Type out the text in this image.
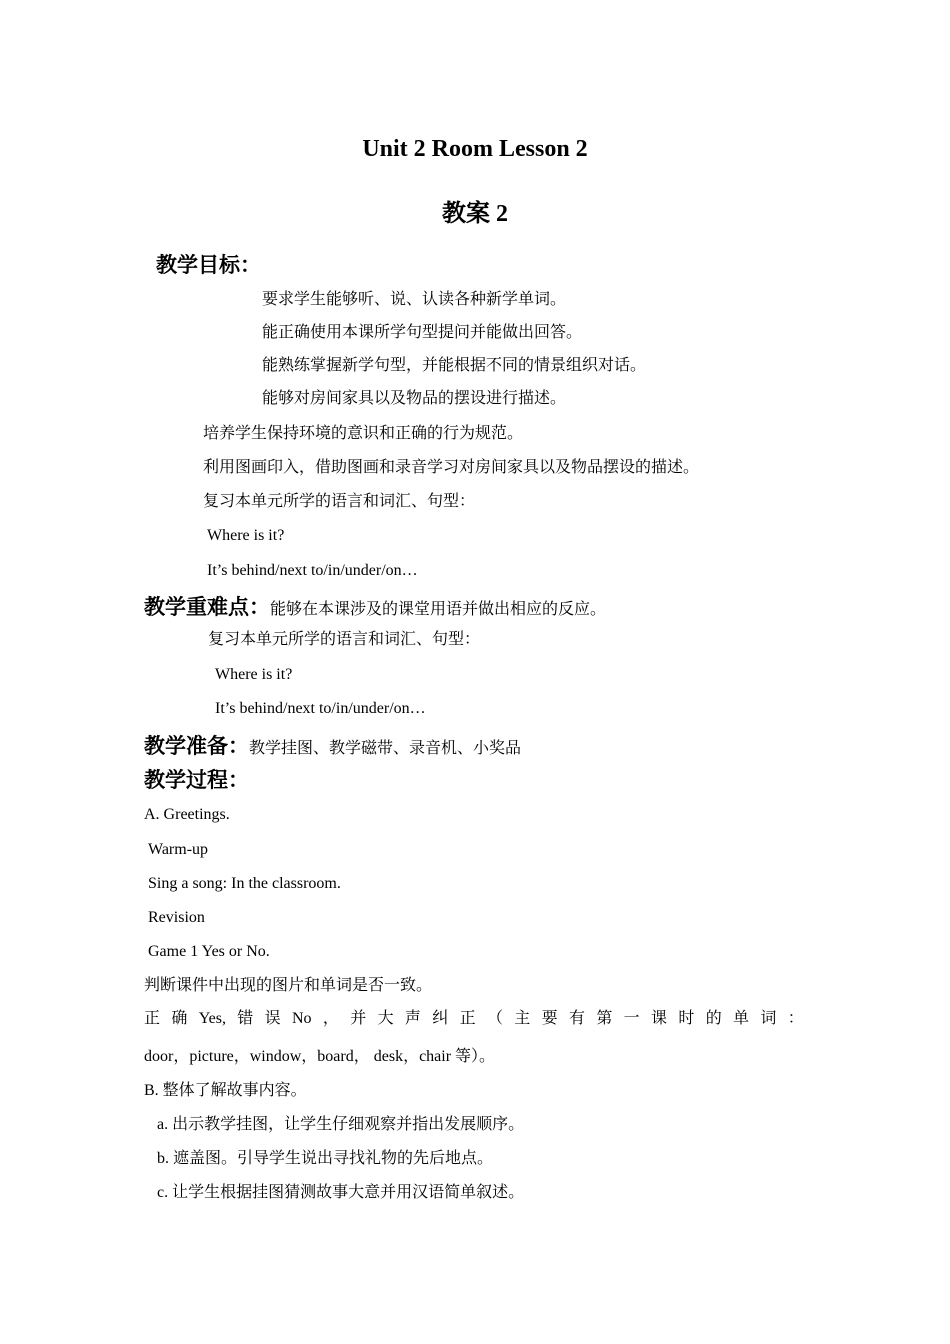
Unit 2 Room Lesson 2
教案 2
教学目标：
要求学生能够听、说、认读各种新学单词。
能正确使用本课所学句型提问并能做出回答。
能熟练掌握新学句型，并能根据不同的情景组织对话。
能够对房间家具以及物品的摆设进行描述。
培养学生保持环境的意识和正确的行为规范。
利用图画印入，借助图画和录音学习对房间家具以及物品摆设的描述。
复习本单元所学的语言和词汇、句型：
Where is it?
It’s behind/next to/in/under/on…
教学重难点：能够在本课涉及的课堂用语并做出相应的反应。
复习本单元所学的语言和词汇、句型：
Where is it?
It’s behind/next to/in/under/on…
教学准备：教学挂图、教学磁带、录音机、小奖品
教学过程：
A. Greetings.
Warm-up
Sing a song: In the classroom.
Revision
Game 1 Yes or No.
判断课件中出现的图片和单词是否一致。
正 确 Yes, 错 误 No ， 并 大 声 纠 正 （ 主 要 有 第 一 课 时 的 单 词 ：
door，picture，window，board， desk，chair 等）。
B. 整体了解故事内容。
a. 出示教学挂图，让学生仔细观察并指出发展顺序。
b. 遮盖图。引导学生说出寻找礼物的先后地点。
c. 让学生根据挂图猜测故事大意并用汉语简单叙述。
